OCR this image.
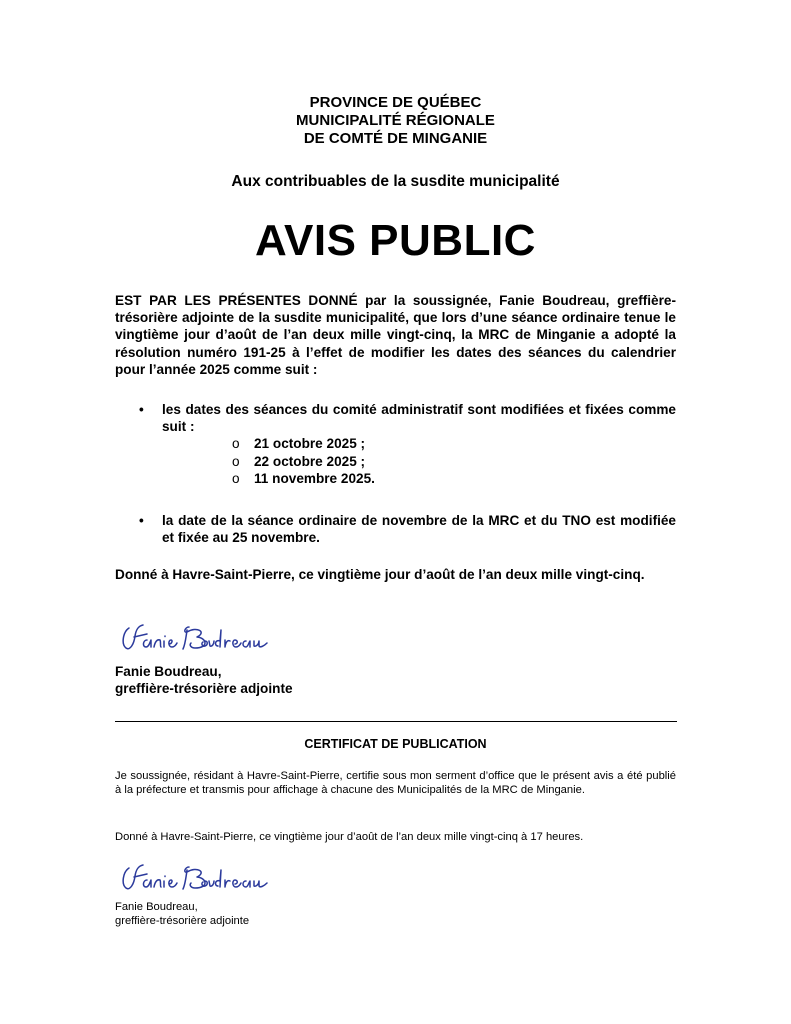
PROVINCE DE QUÉBEC
MUNICIPALITÉ RÉGIONALE
DE COMTÉ DE MINGANIE
Aux contribuables de la susdite municipalité
AVIS PUBLIC
EST PAR LES PRÉSENTES DONNÉ par la soussignée, Fanie Boudreau, greffière-trésorière adjointe de la susdite municipalité, que lors d’une séance ordinaire tenue le vingtième jour d’août de l’an deux mille vingt-cinq, la MRC de Minganie a adopté la résolution numéro 191-25 à l’effet de modifier les dates des séances du calendrier pour l’année 2025 comme suit :
• les dates des séances du comité administratif sont modifiées et fixées comme suit :
o 21 octobre 2025 ;
o 22 octobre 2025 ;
o 11 novembre 2025.
• la date de la séance ordinaire de novembre de la MRC et du TNO est modifiée et fixée au 25 novembre.
Donné à Havre-Saint-Pierre, ce vingtième jour d’août de l’an deux mille vingt-cinq.
Fanie Boudreau,
greffière-trésorière adjointe
CERTIFICAT DE PUBLICATION
Je soussignée, résidant à Havre-Saint-Pierre, certifie sous mon serment d’office que le présent avis a été publié à la préfecture et transmis pour affichage à chacune des Municipalités de la MRC de Minganie.
Donné à Havre-Saint-Pierre, ce vingtième jour d’août de l’an deux mille vingt-cinq à 17 heures.
Fanie Boudreau,
greffière-trésorière adjointe
